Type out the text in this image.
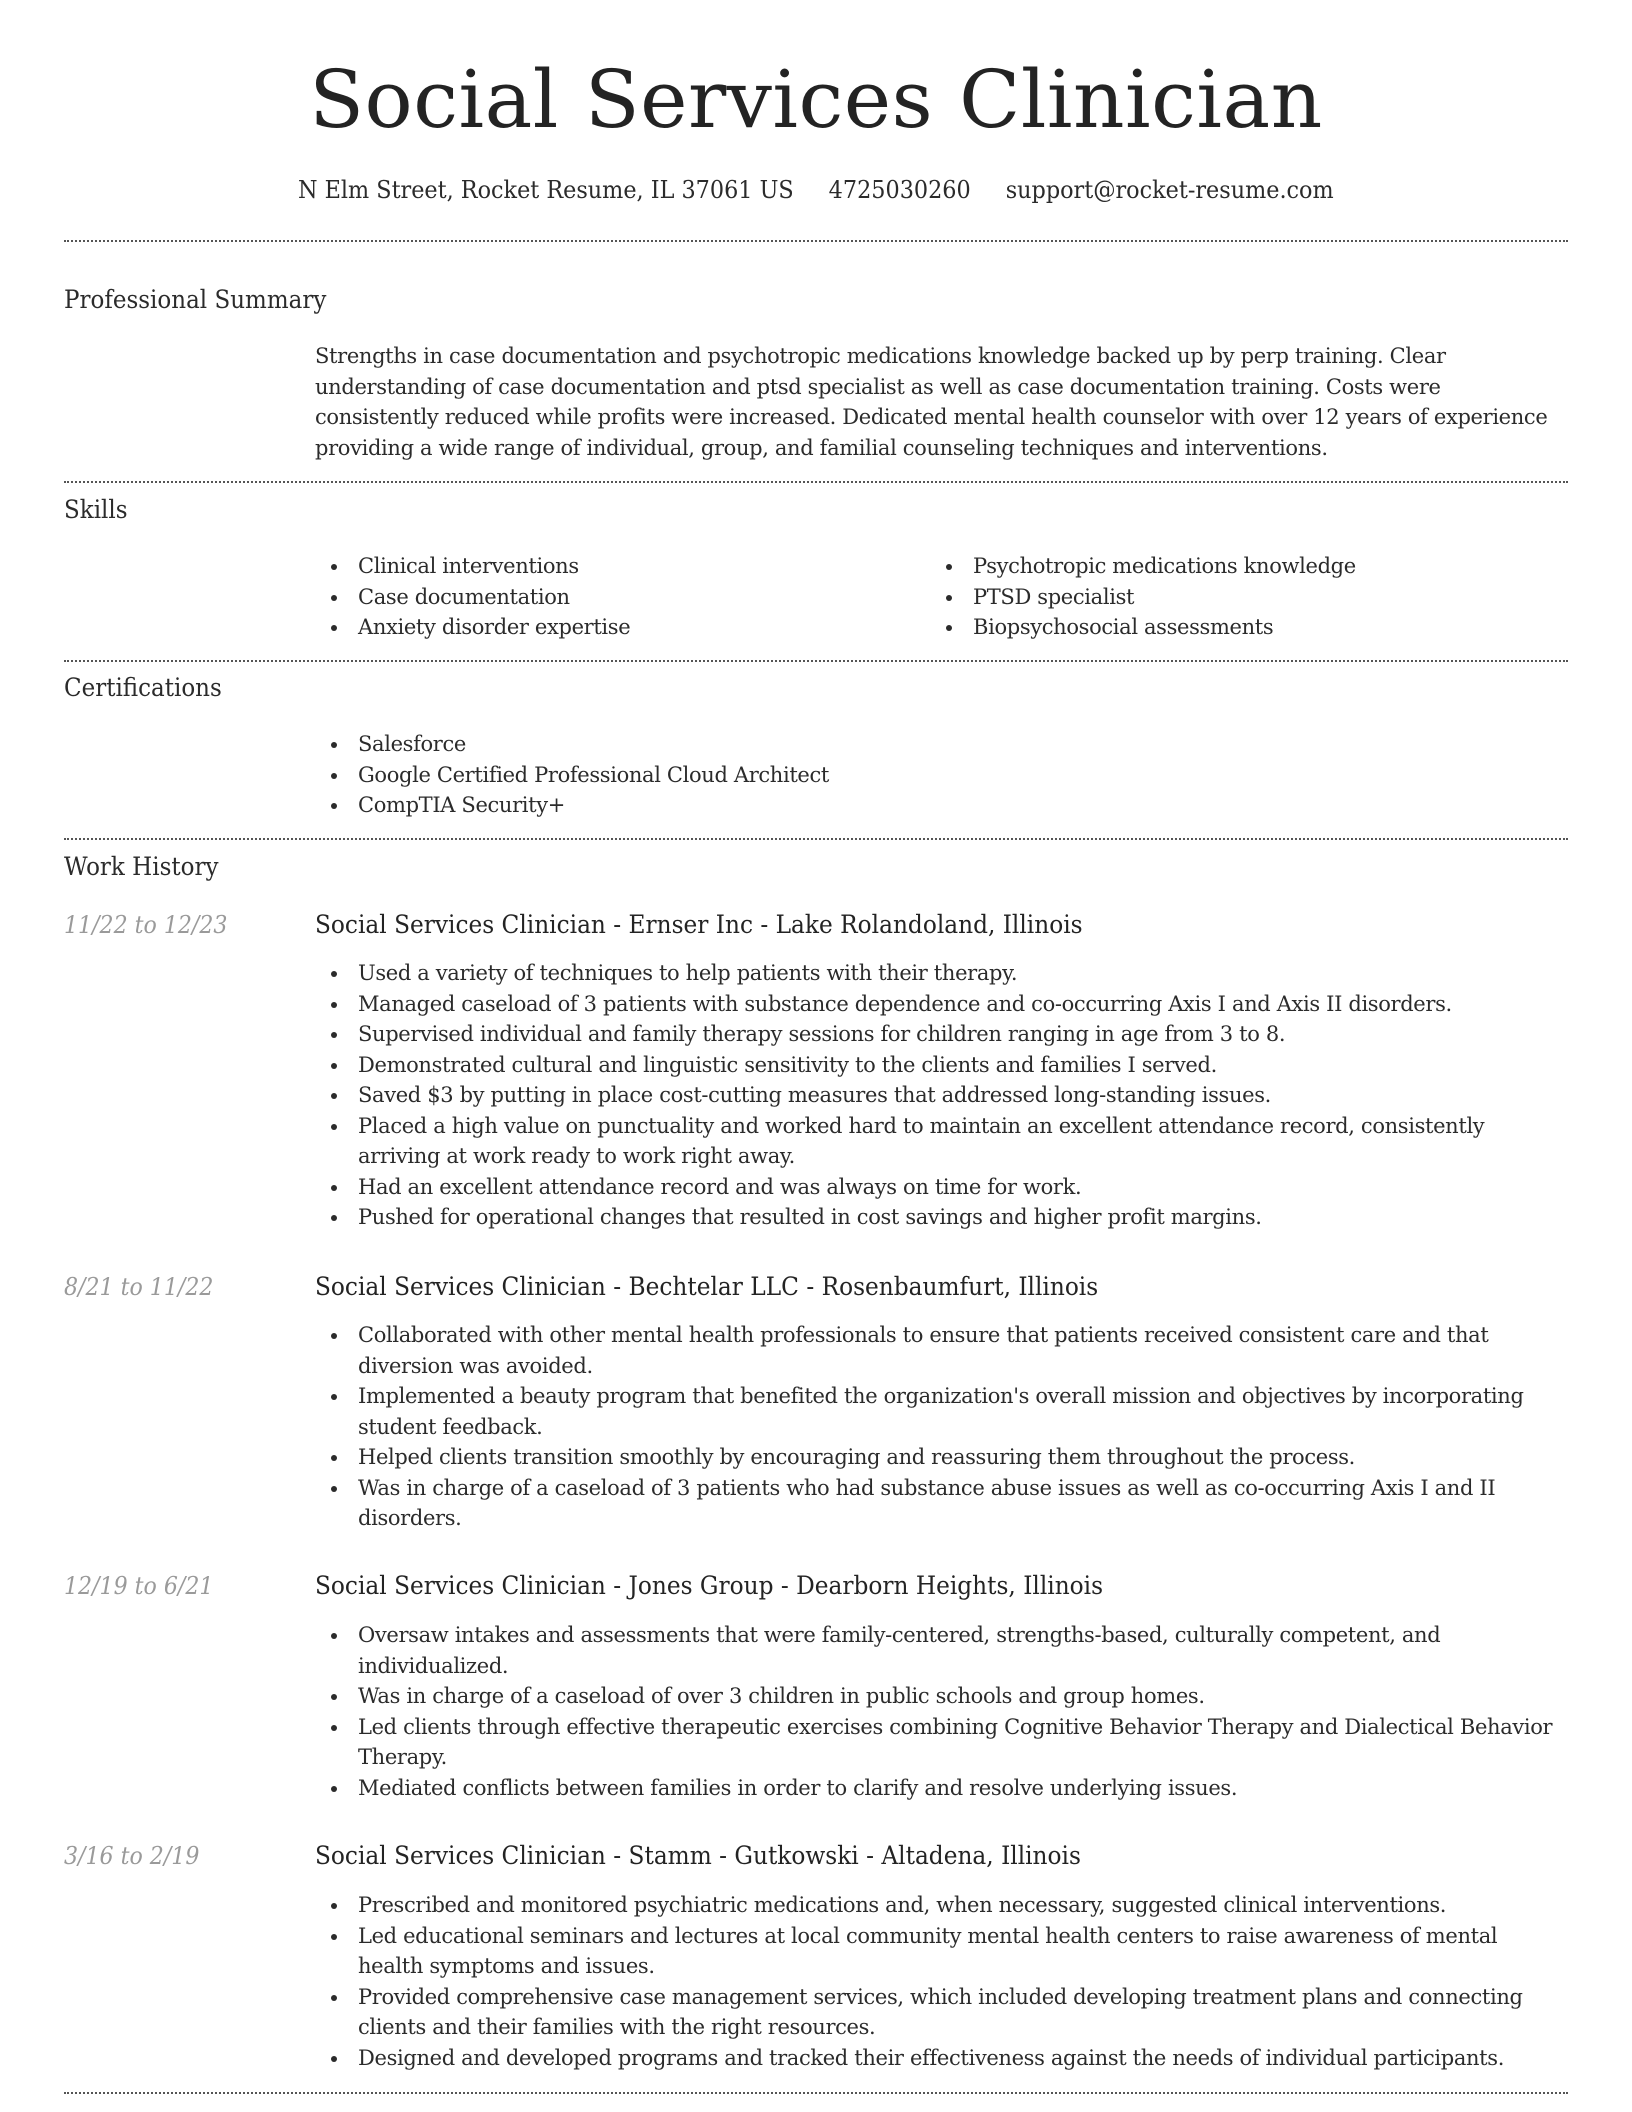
Social Services Clinician
N Elm Street, Rocket Resume, IL 37061 US 4725030260 support@rocket-resume.com
Professional Summary
Strengths in case documentation and psychotropic medications knowledge backed up by perp training. Clear understanding of case documentation and ptsd specialist as well as case documentation training. Costs were consistently reduced while profits were increased. Dedicated mental health counselor with over 12 years of experience providing a wide range of individual, group, and familial counseling techniques and interventions.
Skills
Clinical interventions
Case documentation
Anxiety disorder expertise
Psychotropic medications knowledge
PTSD specialist
Biopsychosocial assessments
Certifications
Salesforce
Google Certified Professional Cloud Architect
CompTIA Security+
Work History
11/22 to 12/23	Social Services Clinician - Ernser Inc - Lake Rolandoland, Illinois
Used a variety of techniques to help patients with their therapy.
Managed caseload of 3 patients with substance dependence and co-occurring Axis I and Axis II disorders.
Supervised individual and family therapy sessions for children ranging in age from 3 to 8.
Demonstrated cultural and linguistic sensitivity to the clients and families I served.
Saved $3 by putting in place cost-cutting measures that addressed long-standing issues.
Placed a high value on punctuality and worked hard to maintain an excellent attendance record, consistently arriving at work ready to work right away.
Had an excellent attendance record and was always on time for work.
Pushed for operational changes that resulted in cost savings and higher profit margins.
8/21 to 11/22	Social Services Clinician - Bechtelar LLC - Rosenbaumfurt, Illinois
Collaborated with other mental health professionals to ensure that patients received consistent care and that diversion was avoided.
Implemented a beauty program that benefited the organization's overall mission and objectives by incorporating student feedback.
Helped clients transition smoothly by encouraging and reassuring them throughout the process.
Was in charge of a caseload of 3 patients who had substance abuse issues as well as co-occurring Axis I and II disorders.
12/19 to 6/21	Social Services Clinician - Jones Group - Dearborn Heights, Illinois
Oversaw intakes and assessments that were family-centered, strengths-based, culturally competent, and individualized.
Was in charge of a caseload of over 3 children in public schools and group homes.
Led clients through effective therapeutic exercises combining Cognitive Behavior Therapy and Dialectical Behavior Therapy.
Mediated conflicts between families in order to clarify and resolve underlying issues.
3/16 to 2/19	Social Services Clinician - Stamm - Gutkowski - Altadena, Illinois
Prescribed and monitored psychiatric medications and, when necessary, suggested clinical interventions.
Led educational seminars and lectures at local community mental health centers to raise awareness of mental health symptoms and issues.
Provided comprehensive case management services, which included developing treatment plans and connecting clients and their families with the right resources.
Designed and developed programs and tracked their effectiveness against the needs of individual participants.
